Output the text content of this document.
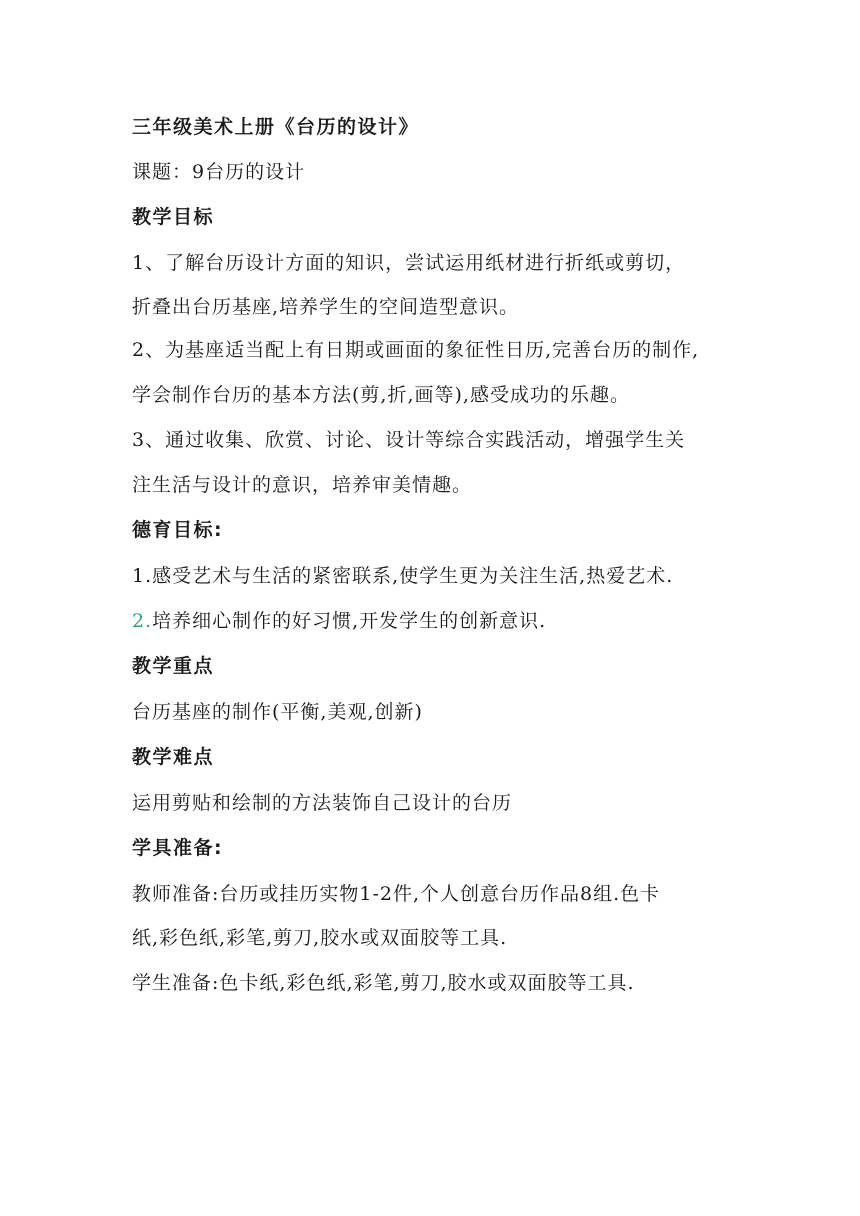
三年级美术上册《台历的设计》
课题：9台历的设计
教学目标
1、了解台历设计方面的知识，尝试运用纸材进行折纸或剪切，
折叠出台历基座,培养学生的空间造型意识。
2、为基座适当配上有日期或画面的象征性日历,完善台历的制作,
学会制作台历的基本方法(剪,折,画等),感受成功的乐趣。
3、通过收集、欣赏、讨论、设计等综合实践活动，增强学生关
注生活与设计的意识，培养审美情趣。
德育目标:
1.感受艺术与生活的紧密联系,使学生更为关注生活,热爱艺术.
2.培养细心制作的好习惯,开发学生的创新意识.
教学重点
台历基座的制作(平衡,美观,创新)
教学难点
运用剪贴和绘制的方法装饰自己设计的台历
学具准备:
教师准备:台历或挂历实物1-2件,个人创意台历作品8组.色卡
纸,彩色纸,彩笔,剪刀,胶水或双面胶等工具.
学生准备:色卡纸,彩色纸,彩笔,剪刀,胶水或双面胶等工具.
